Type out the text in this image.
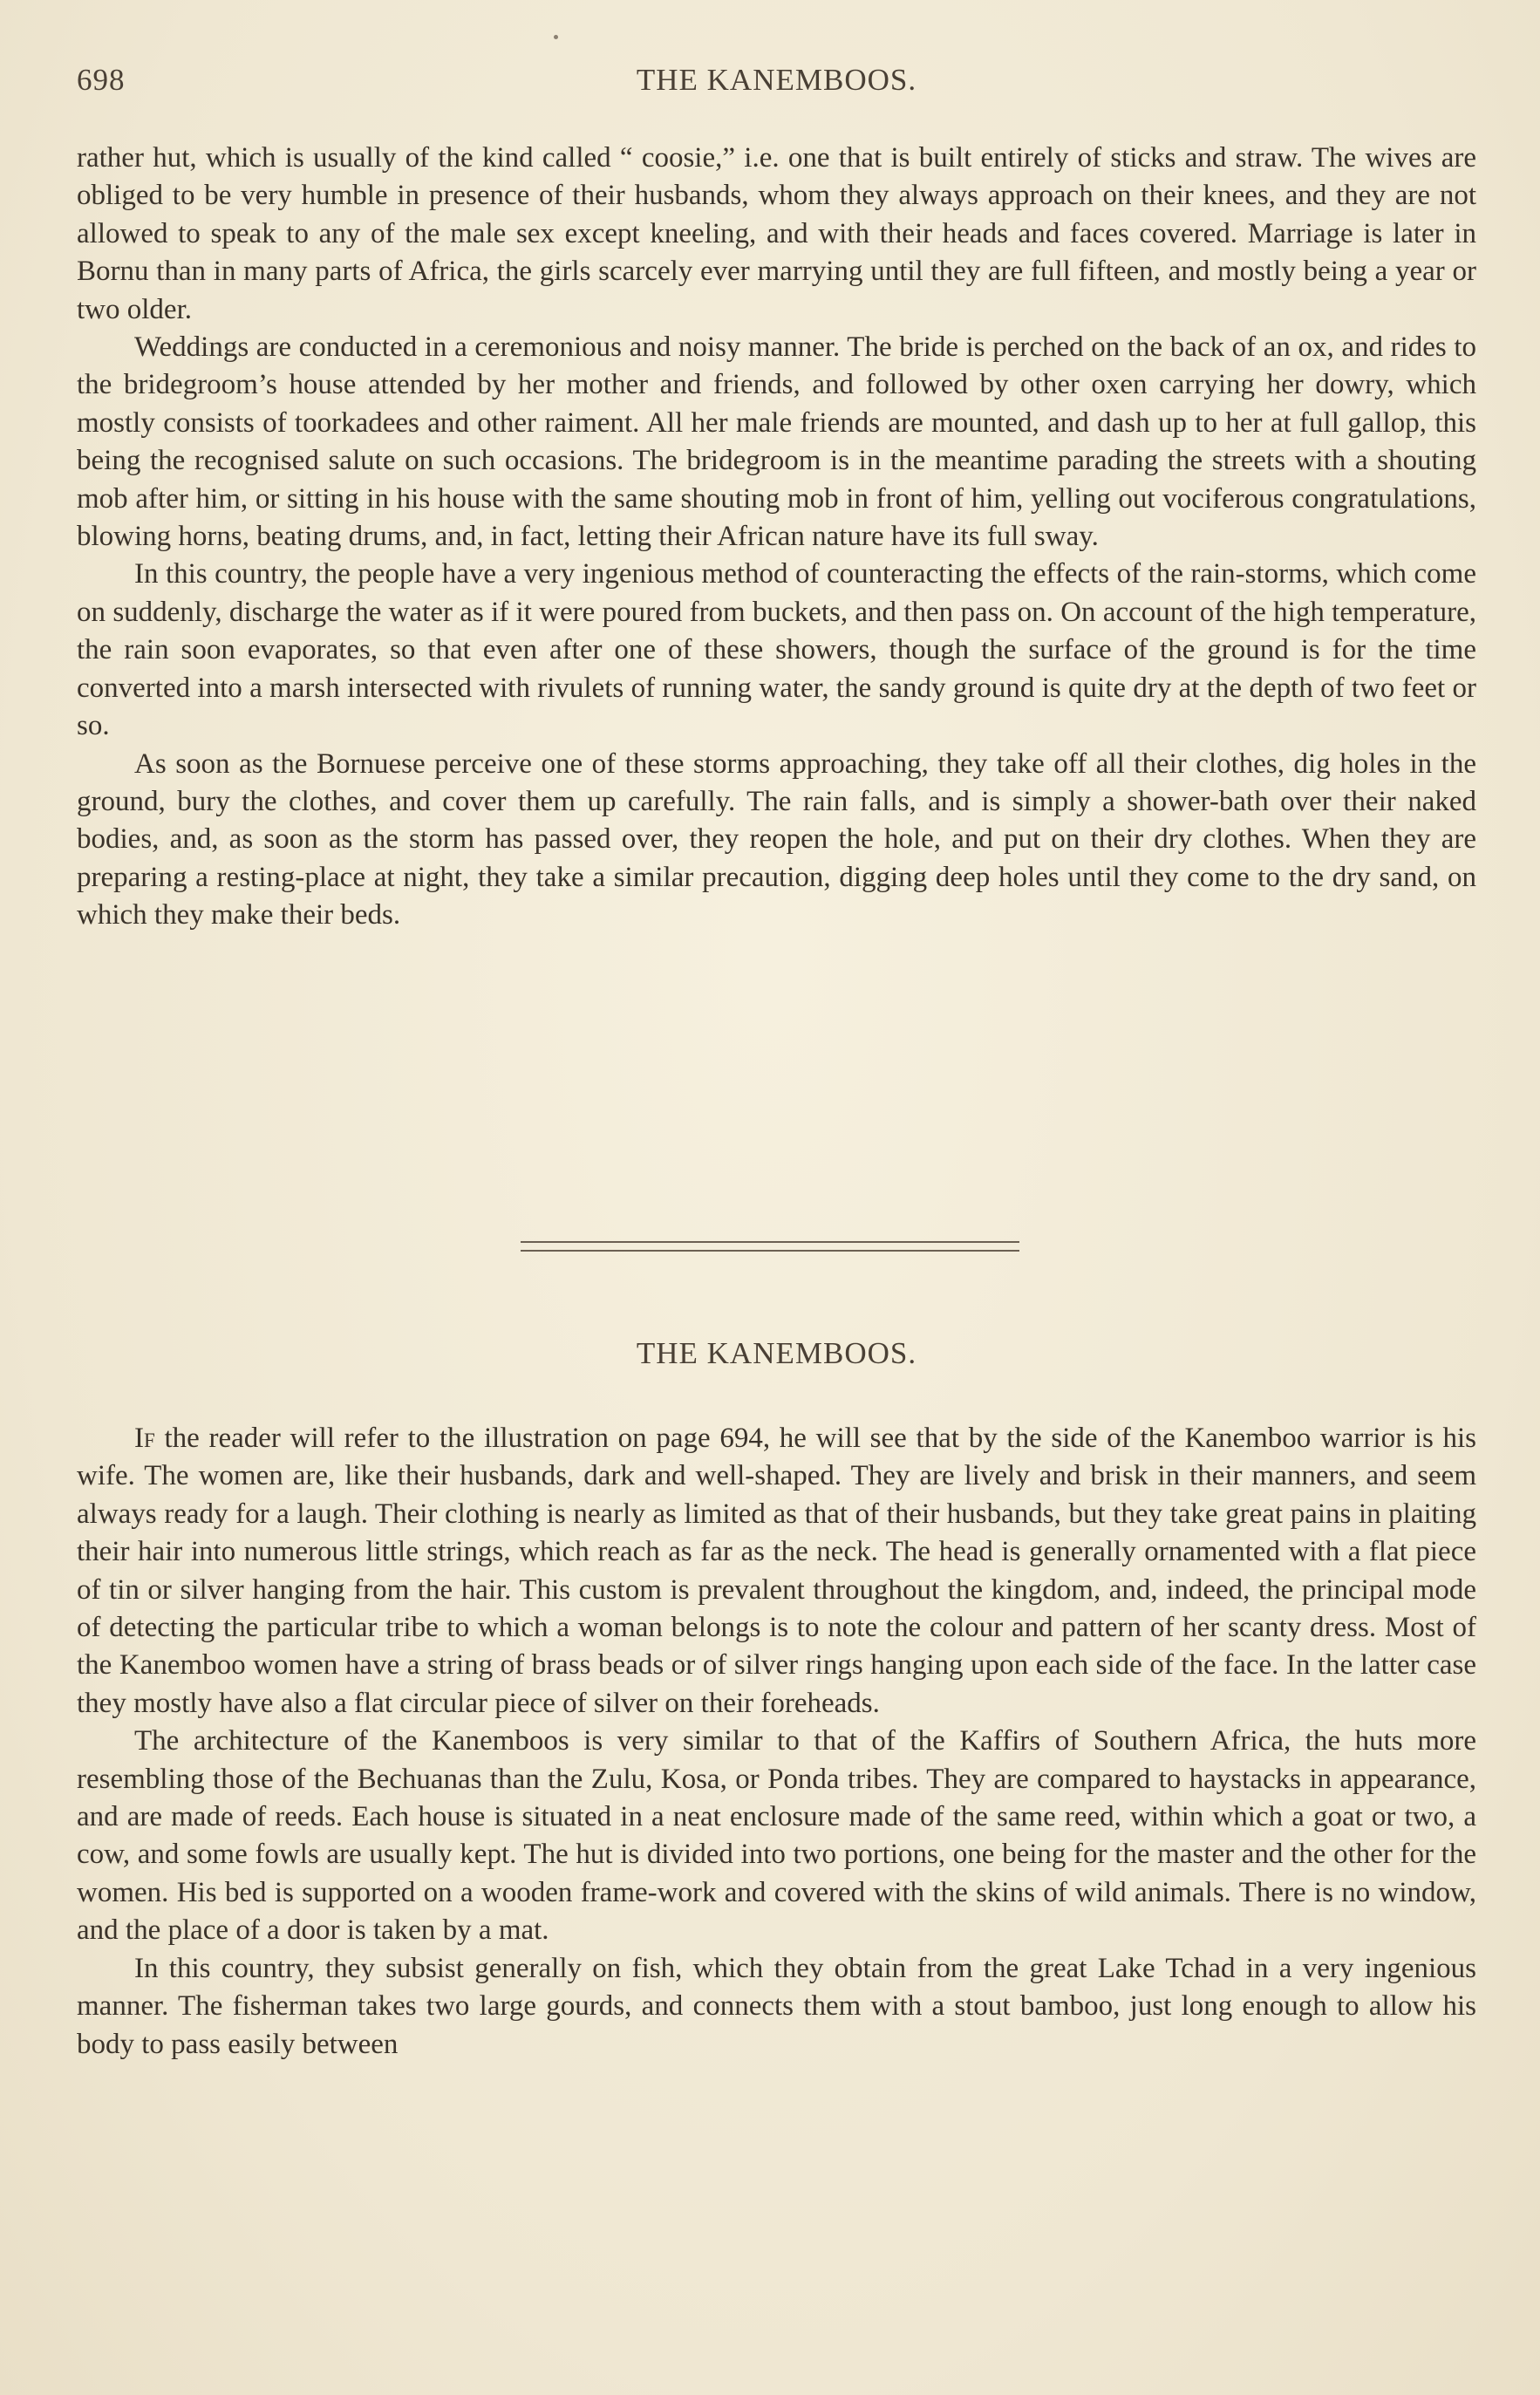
698	THE KANEMBOOS.

rather hut, which is usually of the kind called “ coosie,” i.e. one that is built entirely of sticks and straw. The wives are obliged to be very humble in presence of their husbands, whom they always approach on their knees, and they are not allowed to speak to any of the male sex except kneeling, and with their heads and faces covered. Marriage is later in Bornu than in many parts of Africa, the girls scarcely ever marrying until they are full fifteen, and mostly being a year or two older.

Weddings are conducted in a ceremonious and noisy manner. The bride is perched on the back of an ox, and rides to the bridegroom’s house attended by her mother and friends, and followed by other oxen carrying her dowry, which mostly consists of toorkadees and other raiment. All her male friends are mounted, and dash up to her at full gallop, this being the recognised salute on such occasions. The bridegroom is in the meantime parading the streets with a shouting mob after him, or sitting in his house with the same shouting mob in front of him, yelling out vociferous congratulations, blowing horns, beating drums, and, in fact, letting their African nature have its full sway.

In this country, the people have a very ingenious method of counteracting the effects of the rain-storms, which come on suddenly, discharge the water as if it were poured from buckets, and then pass on. On account of the high temperature, the rain soon evaporates, so that even after one of these showers, though the surface of the ground is for the time converted into a marsh intersected with rivulets of running water, the sandy ground is quite dry at the depth of two feet or so.

As soon as the Bornuese perceive one of these storms approaching, they take off all their clothes, dig holes in the ground, bury the clothes, and cover them up carefully. The rain falls, and is simply a shower-bath over their naked bodies, and, as soon as the storm has passed over, they reopen the hole, and put on their dry clothes. When they are preparing a resting-place at night, they take a similar precaution, digging deep holes until they come to the dry sand, on which they make their beds.

THE KANEMBOOS.

If the reader will refer to the illustration on page 694, he will see that by the side of the Kanemboo warrior is his wife. The women are, like their husbands, dark and well-shaped. They are lively and brisk in their manners, and seem always ready for a laugh. Their clothing is nearly as limited as that of their husbands, but they take great pains in plaiting their hair into numerous little strings, which reach as far as the neck. The head is generally ornamented with a flat piece of tin or silver hanging from the hair. This custom is prevalent throughout the kingdom, and, indeed, the principal mode of detecting the particular tribe to which a woman belongs is to note the colour and pattern of her scanty dress. Most of the Kanemboo women have a string of brass beads or of silver rings hanging upon each side of the face. In the latter case they mostly have also a flat circular piece of silver on their foreheads.

The architecture of the Kanemboos is very similar to that of the Kaffirs of Southern Africa, the huts more resembling those of the Bechuanas than the Zulu, Kosa, or Ponda tribes. They are compared to haystacks in appearance, and are made of reeds. Each house is situated in a neat enclosure made of the same reed, within which a goat or two, a cow, and some fowls are usually kept. The hut is divided into two portions, one being for the master and the other for the women. His bed is supported on a wooden frame-work and covered with the skins of wild animals. There is no window, and the place of a door is taken by a mat.

In this country, they subsist generally on fish, which they obtain from the great Lake Tchad in a very ingenious manner. The fisherman takes two large gourds, and connects them with a stout bamboo, just long enough to allow his body to pass easily between
